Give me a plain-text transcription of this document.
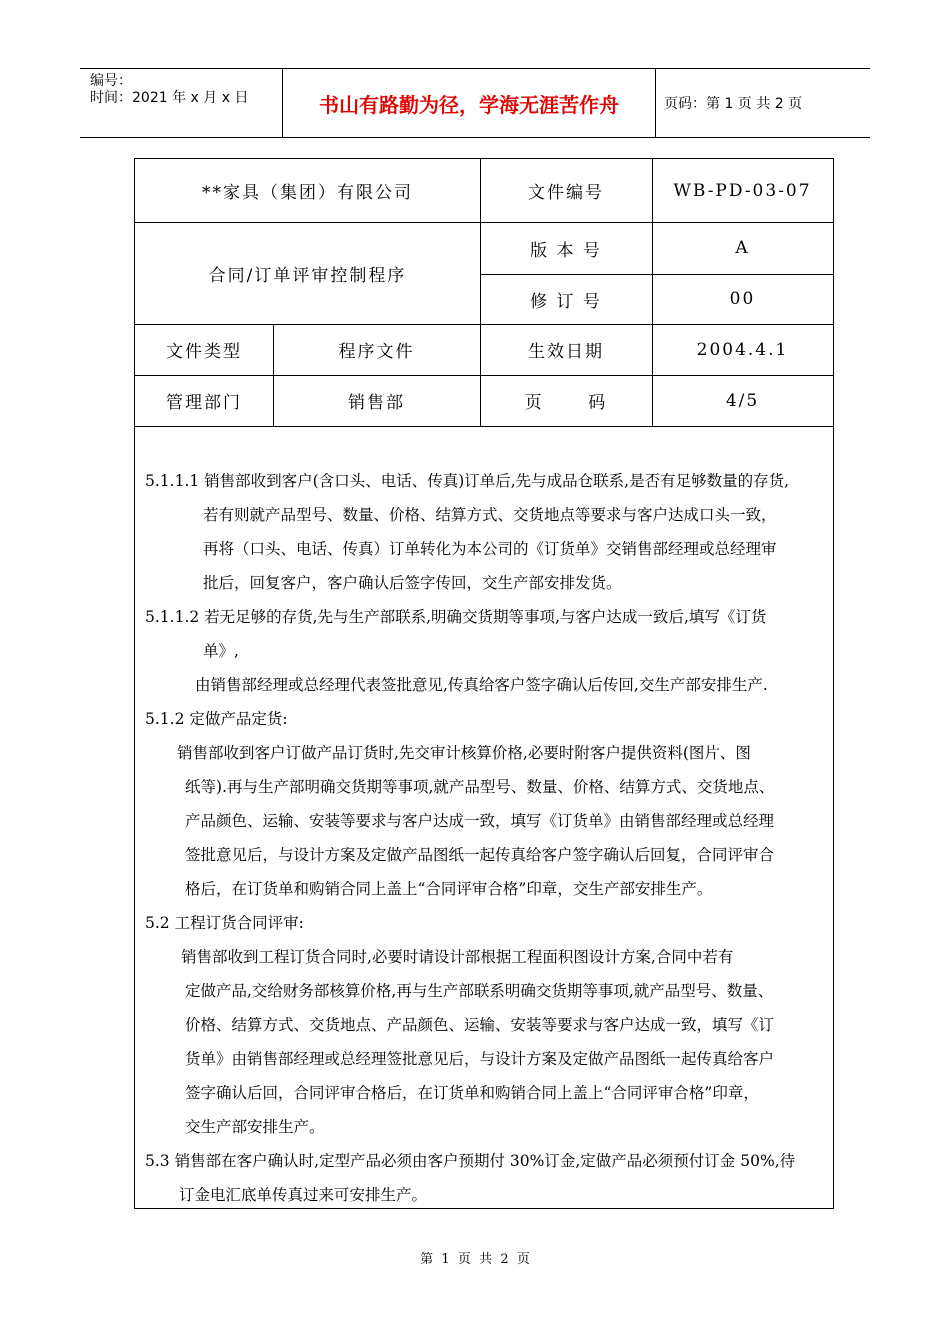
编号：
时间：2021 年 x 月 x 日	书山有路勤为径，学海无涯苦作舟	页码：第 1 页 共 2 页
**家具（集团）有限公司	文件编号	WB-PD-03-07
合同/订单评审控制程序
版 本 号	A
修 订 号	00
文件类型	程序文件	生效日期	2004.4.1
管理部门	销售部	页      码	4/5
5.1.1.1 销售部收到客户(含口头、电话、传真)订单后,先与成品仓联系,是否有足够数量的存货,
若有则就产品型号、数量、价格、结算方式、交货地点等要求与客户达成口头一致，
再将（口头、电话、传真）订单转化为本公司的《订货单》交销售部经理或总经理审
批后，回复客户，客户确认后签字传回，交生产部安排发货。
5.1.1.2 若无足够的存货,先与生产部联系,明确交货期等事项,与客户达成一致后,填写《订货
单》,
由销售部经理或总经理代表签批意见,传真给客户签字确认后传回,交生产部安排生产.
5.1.2 定做产品定货:
销售部收到客户订做产品订货时,先交审计核算价格,必要时附客户提供资料(图片、图
纸等).再与生产部明确交货期等事项,就产品型号、数量、价格、结算方式、交货地点、
产品颜色、运输、安装等要求与客户达成一致，填写《订货单》由销售部经理或总经理
签批意见后，与设计方案及定做产品图纸一起传真给客户签字确认后回复，合同评审合
格后，在订货单和购销合同上盖上“合同评审合格”印章，交生产部安排生产。
5.2 工程订货合同评审:
销售部收到工程订货合同时,必要时请设计部根据工程面积图设计方案,合同中若有
定做产品,交给财务部核算价格,再与生产部联系明确交货期等事项,就产品型号、数量、
价格、结算方式、交货地点、产品颜色、运输、安装等要求与客户达成一致，填写《订
货单》由销售部经理或总经理签批意见后，与设计方案及定做产品图纸一起传真给客户
签字确认后回，合同评审合格后，在订货单和购销合同上盖上“合同评审合格”印章，
交生产部安排生产。
5.3 销售部在客户确认时,定型产品必须由客户预期付 30%订金,定做产品必须预付订金 50%,待
订金电汇底单传真过来可安排生产。
第  1  页  共  2  页
